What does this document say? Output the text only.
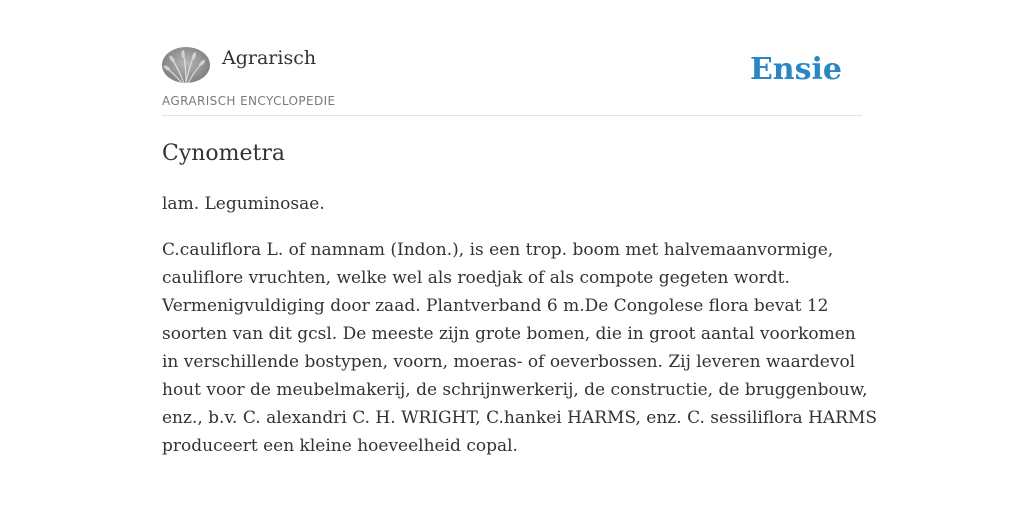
Agrarisch
AGRARISCH ENCYCLOPEDIE
Ensie
Cynometra

lam. Leguminosae.

C.cauliflora L. of namnam (Indon.), is een trop. boom met halvemaanvormige,
cauliflore vruchten, welke wel als roedjak of als compote gegeten wordt.
Vermenigvuldiging door zaad. Plantverband 6 m.De Congolese flora bevat 12
soorten van dit gcsl. De meeste zijn grote bomen, die in groot aantal voorkomen
in verschillende bostypen, voorn, moeras- of oeverbossen. Zij leveren waardevol
hout voor de meubelmakerij, de schrijnwerkerij, de constructie, de bruggenbouw,
enz., b.v. C. alexandri C. H. WRIGHT, C.hankei HARMS, enz. C. sessiliflora HARMS
produceert een kleine hoeveelheid copal.
